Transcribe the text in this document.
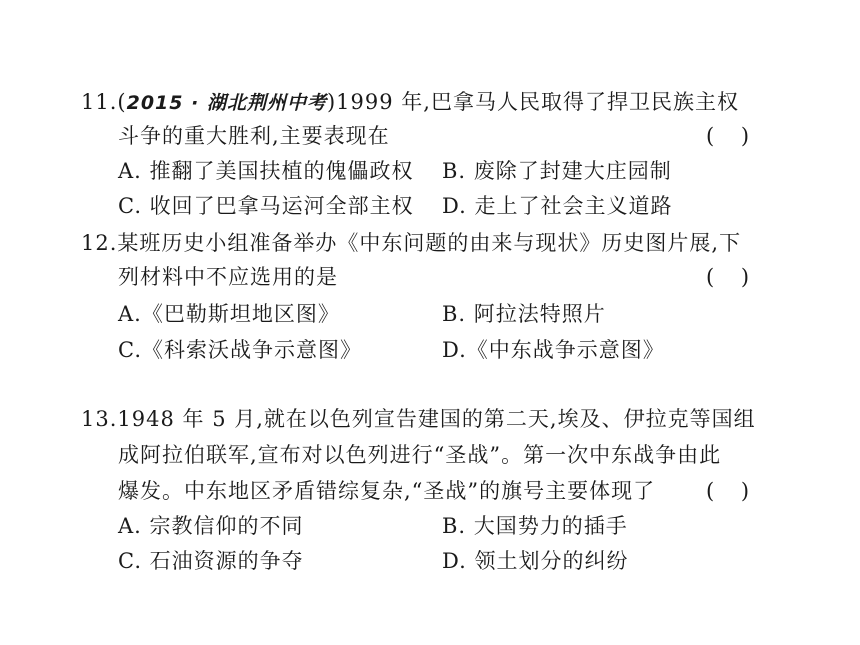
11.(2015 · 湖北荆州中考)1999 年,巴拿马人民取得了捍卫民族主权
斗争的重大胜利,主要表现在	(    )
A. 推翻了美国扶植的傀儡政权 B. 废除了封建大庄园制
C. 收回了巴拿马运河全部主权 D. 走上了社会主义道路
12.某班历史小组准备举办《中东问题的由来与现状》历史图片展,下
列材料中不应选用的是	(    )
A.《巴勒斯坦地区图》	B. 阿拉法特照片
C.《科索沃战争示意图》	D.《中东战争示意图》
13.1948 年 5 月,就在以色列宣告建国的第二天,埃及、伊拉克等国组
成阿拉伯联军,宣布对以色列进行“圣战”。第一次中东战争由此
爆发。中东地区矛盾错综复杂,“圣战”的旗号主要体现了 (    )
A. 宗教信仰的不同	B. 大国势力的插手
C. 石油资源的争夺	D. 领土划分的纠纷
